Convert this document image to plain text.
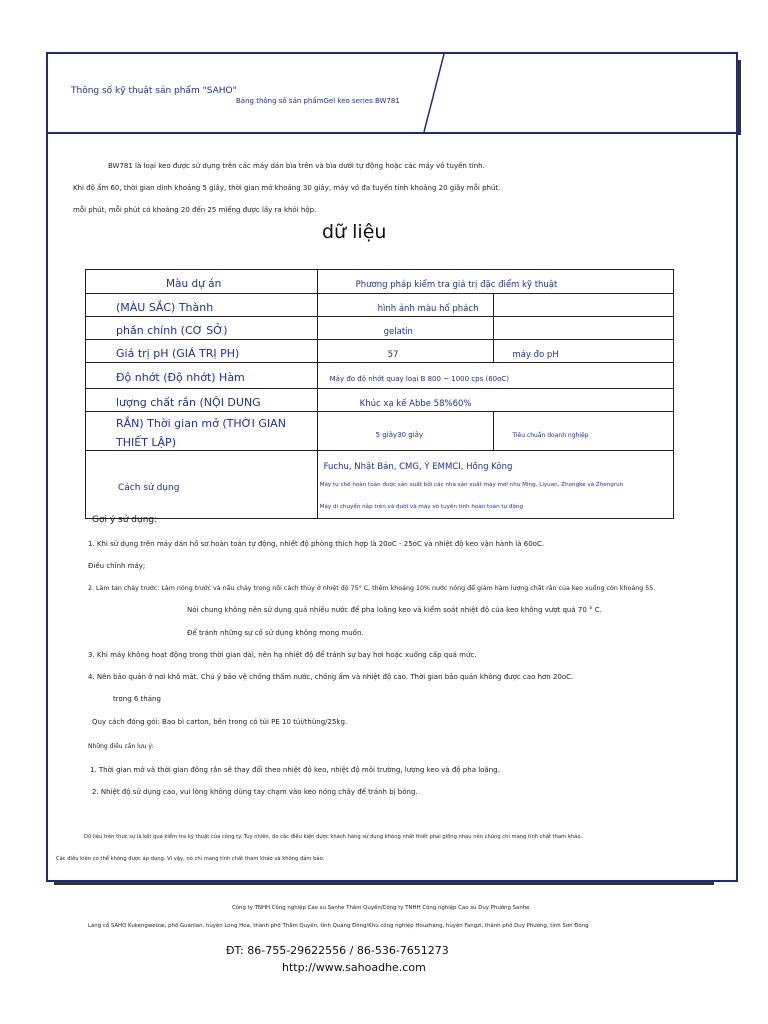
Thông số kỹ thuật sản phẩm "SAHO"
Bảng thông số sản phẩmGel keo series BW781
BW781 là loại keo được sử dụng trên các máy dán bìa trên và bìa dưới tự động hoặc các máy vô tuyến tính.
Khi độ ẩm 60, thời gian dính khoảng 5 giây, thời gian mở khoảng 30 giây, máy vỏ đa tuyến tính khoảng 20 giây mỗi phút.
mỗi phút, mỗi phút có khoảng 20 đến 25 miếng được lấy ra khỏi hộp.
dữ liệu
Màu dự án	Phương pháp kiểm tra giá trị đặc điểm kỹ thuật	
(MÀU SẮC) Thành	hình ảnh màu hổ phách	
phần chính (CƠ SỞ)	gelatin	
Giá trị pH (GIÁ TRỊ PH)	57	máy đo pH
Độ nhớt (Độ nhớt) Hàm	Máy đo độ nhớt quay loại B 800 ~ 1000 cps (60oC)	
lượng chất rắn (NỘI DUNG	Khúc xạ kế Abbe 58%60%	
RẮN) Thời gian mở (THỜI GIAN THIẾT LẬP)	5 giây30 giây	Tiêu chuẩn doanh nghiệp
Cách sử dụng	Fuchu, Nhật Bản, CMG, Ý EMMCI, Hồng Kông
Máy tự chế hoàn toàn được sản xuất bởi các nhà sản xuất máy mới như Ming, Liyuan, Zhongke và Zhengrun
Máy di chuyển nắp trên và dưới và máy vô tuyến tính hoàn toàn tự động	
Gợi ý sử dụng:
1. Khi sử dụng trên máy dán hồ sơ hoàn toàn tự động, nhiệt độ phòng thích hợp là 20oC - 25oC và nhiệt độ keo vận hành là 60oC.
Điều chỉnh máy;
2. Làm tan chảy trước: Làm nóng trước và nấu chảy trong nồi cách thủy ở nhiệt độ 75° C, thêm khoảng 10% nước nóng để giảm hàm lượng chất rắn của keo xuống còn khoảng 55.
Nói chung không nên sử dụng quá nhiều nước để pha loãng keo và kiểm soát nhiệt độ của keo không vượt quá 70 ° C.
Để tránh những sự cố sử dụng không mong muốn.
3. Khi máy không hoạt động trong thời gian dài, nên hạ nhiệt độ để tránh sự bay hơi hoặc xuống cấp quá mức.
4. Nên bảo quản ở nơi khô mát. Chú ý bảo vệ chống thấm nước, chống ẩm và nhiệt độ cao. Thời gian bảo quản không được cao hơn 20oC.
trong 6 tháng
Quy cách đóng gói: Bao bì carton, bên trong có túi PE 10 túi/thùng/25kg.
Những điều cần lưu ý:
1. Thời gian mở và thời gian đông rắn sẽ thay đổi theo nhiệt độ keo, nhiệt độ môi trường, lượng keo và độ pha loãng.
2. Nhiệt độ sử dụng cao, vui lòng không dùng tay chạm vào keo nóng chảy để tránh bị bỏng.
Dữ liệu trên thực sự là kết quả kiểm tra kỹ thuật của công ty. Tuy nhiên, do các điều kiện được khách hàng sử dụng không nhất thiết phải giống nhau nên chúng chỉ mang tính chất tham khảo.
Các điều kiện có thể không được áp dụng. Vì vậy, nó chỉ mang tính chất tham khảo và không đảm bảo.
Công ty TNHH Công nghiệp Cao su Sanhe Thâm Quyến/Công ty TNHH Công nghiệp Cao su Duy Phường Sanhe
Làng cổ SAHO Kukengweizai, phố Guanlan, huyện Long Hoa, thành phố Thâm Quyến, tỉnh Quảng Đông/Khu công nghiệp Houzhang, huyện Fangzi, thành phố Duy Phường, tỉnh Sơn Đông
ĐT: 86-755-29622556 / 86-536-7651273
http://www.sahoadhe.com
